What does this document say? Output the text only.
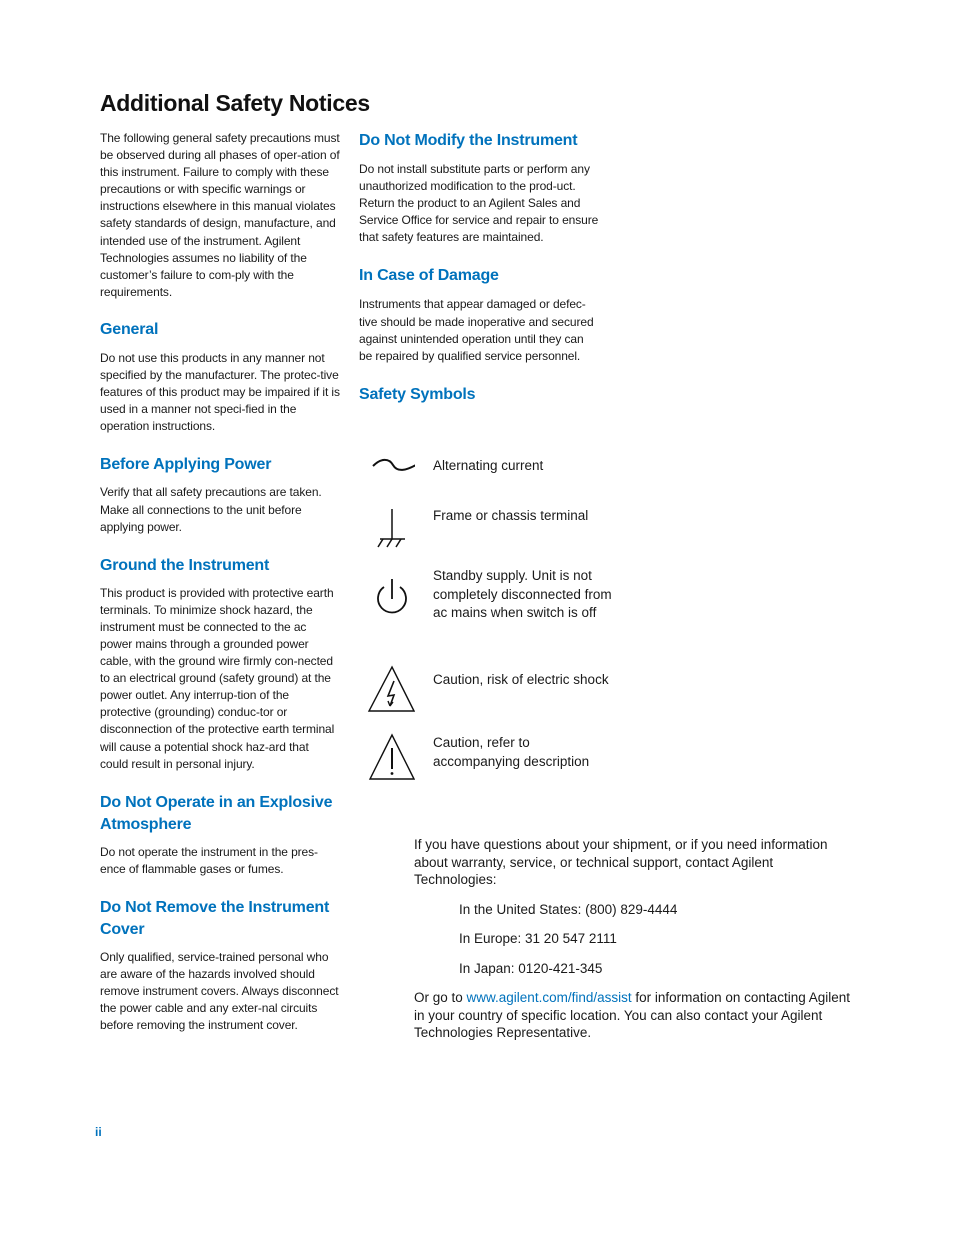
Additional Safety Notices

The following general safety precautions must be observed during all phases of oper-ation of this instrument. Failure to comply with these precautions or with specific warnings or instructions elsewhere in this manual violates safety standards of design, manufacture, and intended use of the instrument. Agilent Technologies assumes no liability of the customer’s failure to com-ply with the requirements.

General

Do not use this products in any manner not specified by the manufacturer. The protec-tive features of this product may be impaired if it is used in a manner not speci-fied in the operation instructions.

Before Applying Power

Verify that all safety precautions are taken. Make all connections to the unit before applying power.

Ground the Instrument

This product is provided with protective earth terminals. To minimize shock hazard, the instrument must be connected to the ac power mains through a grounded power cable, with the ground wire firmly con-nected to an electrical ground (safety ground) at the power outlet. Any interrup-tion of the protective (grounding) conduc-tor or disconnection of the protective earth terminal will cause a potential shock haz-ard that could result in personal injury.

Do Not Operate in an Explosive Atmosphere

Do not operate the instrument in the pres-ence of flammable gases or fumes.

Do Not Remove the Instrument Cover

Only qualified, service-trained personal who are aware of the hazards involved should remove instrument covers. Always disconnect the power cable and any exter-nal circuits before removing the instrument cover.

Do Not Modify the Instrument

Do not install substitute parts or perform any unauthorized modification to the prod-uct. Return the product to an Agilent Sales and Service Office for service and repair to ensure that safety features are maintained.

In Case of Damage

Instruments that appear damaged or defec-tive should be made inoperative and secured against unintended operation until they can be repaired by qualified service personnel.

Safety Symbols
Alternating current
Frame or chassis terminal
Standby supply. Unit is not completely disconnected from ac mains when switch is off
Caution, risk of electric shock
Caution, refer to accompanying description

If you have questions about your shipment, or if you need information about warranty, service, or technical support, contact Agilent Technologies:

In the United States: (800) 829-4444

In Europe: 31 20 547 2111

In Japan: 0120-421-345

Or go to www.agilent.com/find/assist for information on contacting Agilent in your country of specific location. You can also contact your Agilent Technologies Representative.

ii
